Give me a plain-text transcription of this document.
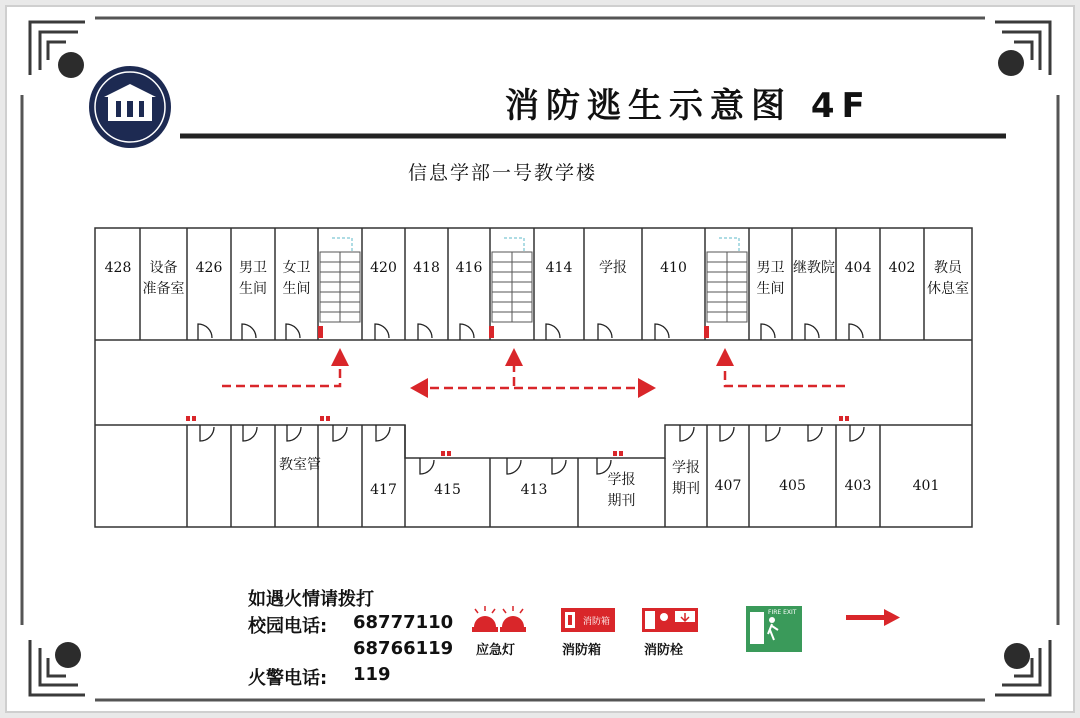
消防箱
FIRE EXIT
消防逃生示意图 4F
信息学部一号教学楼
428	设备
准备室
426	男卫
生间
女卫
生间
420	418	416	414	学报	410	男卫
生间
继教院 404	402	教员
休息室
教室管
417	415	413
学报
期刊
学报
期刊	407	405	403	401
如遇火情请拨打
校园电话: 68777110
68766119
火警电话: 119
应急灯	消防箱	消防栓
